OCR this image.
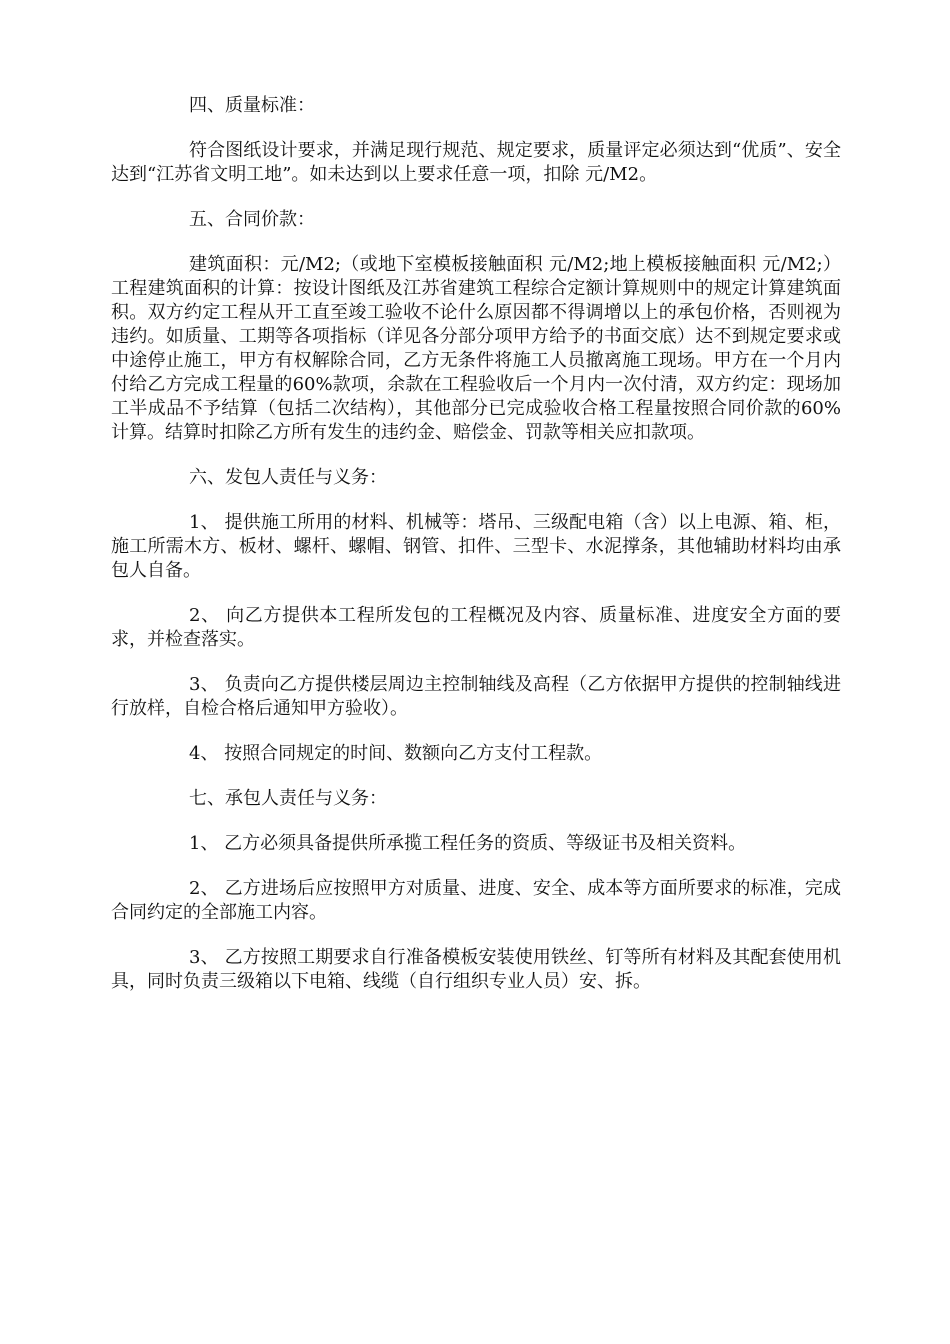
四、质量标准：
符合图纸设计要求，并满足现行规范、规定要求，质量评定必须达到“优质”、安全达到“江苏省文明工地”。如未达到以上要求任意一项，扣除 元/M2。
五、合同价款：
建筑面积：元/M2;（或地下室模板接触面积 元/M2;地上模板接触面积 元/M2;）工程建筑面积的计算：按设计图纸及江苏省建筑工程综合定额计算规则中的规定计算建筑面积。双方约定工程从开工直至竣工验收不论什么原因都不得调增以上的承包价格，否则视为违约。如质量、工期等各项指标（详见各分部分项甲方给予的书面交底）达不到规定要求或中途停止施工，甲方有权解除合同，乙方无条件将施工人员撤离施工现场。甲方在一个月内付给乙方完成工程量的60%款项，余款在工程验收后一个月内一次付清，双方约定：现场加工半成品不予结算（包括二次结构），其他部分已完成验收合格工程量按照合同价款的60%计算。结算时扣除乙方所有发生的违约金、赔偿金、罚款等相关应扣款项。
六、发包人责任与义务：
1、 提供施工所用的材料、机械等：塔吊、三级配电箱（含）以上电源、箱、柜，施工所需木方、板材、螺杆、螺帽、钢管、扣件、三型卡、水泥撑条，其他辅助材料均由承包人自备。
2、 向乙方提供本工程所发包的工程概况及内容、质量标准、进度安全方面的要求，并检查落实。
3、 负责向乙方提供楼层周边主控制轴线及高程（乙方依据甲方提供的控制轴线进行放样，自检合格后通知甲方验收）。
4、 按照合同规定的时间、数额向乙方支付工程款。
七、承包人责任与义务：
1、 乙方必须具备提供所承揽工程任务的资质、等级证书及相关资料。
2、 乙方进场后应按照甲方对质量、进度、安全、成本等方面所要求的标准，完成合同约定的全部施工内容。
3、 乙方按照工期要求自行准备模板安装使用铁丝、钉等所有材料及其配套使用机具，同时负责三级箱以下电箱、线缆（自行组织专业人员）安、拆。
